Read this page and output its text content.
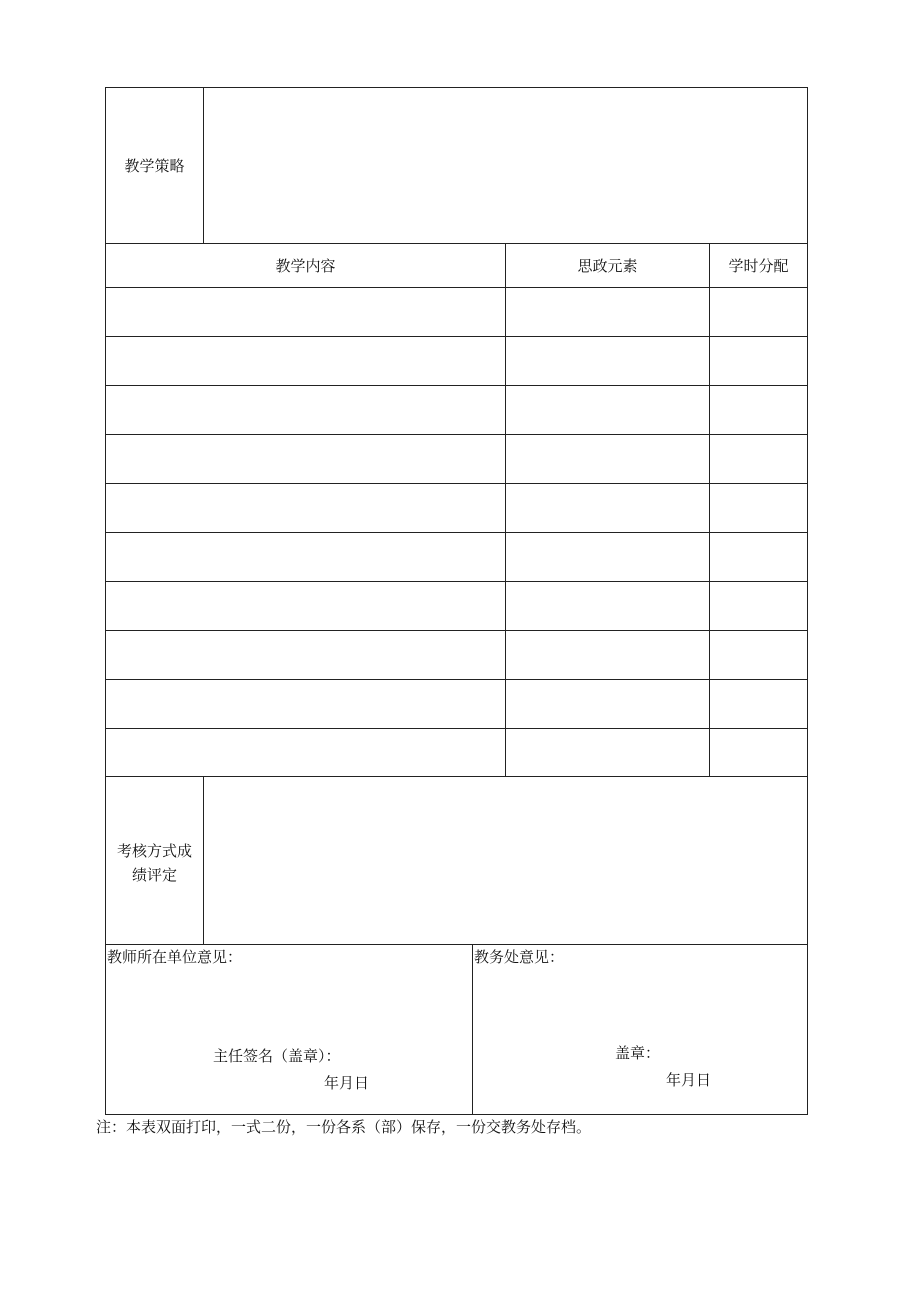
教学策略
教学内容	思政元素	学时分配
考核方式成
绩评定
教师所在单位意见：
主任签名（盖章）：
年月日
教务处意见：
盖章：
年月日
注：本表双面打印，一式二份，一份各系（部）保存，一份交教务处存档。
